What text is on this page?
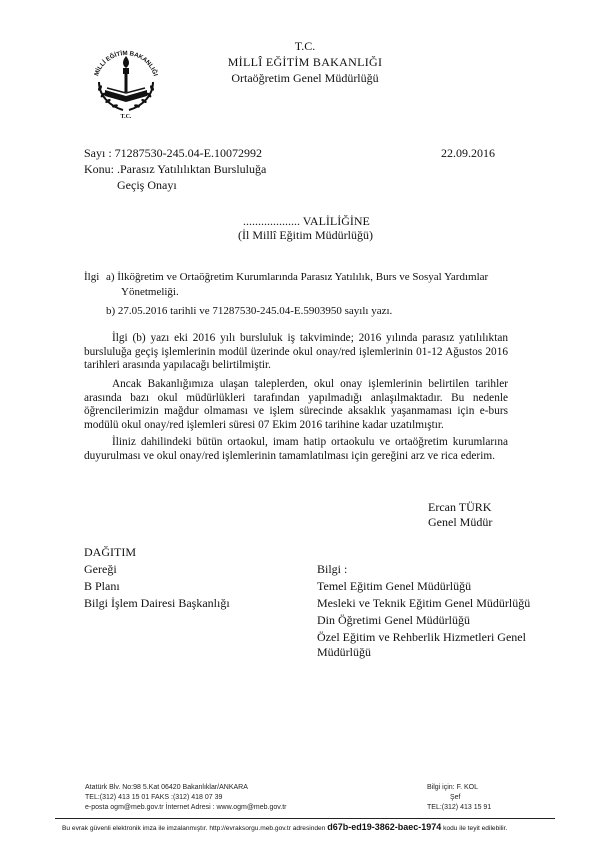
MİLLİ EĞİTİM BAKANLIĞI
T.C.
T.C.
MİLLÎ EĞİTİM BAKANLIĞI
Ortaöğretim Genel Müdürlüğü
Sayı : 71287530-245.04-E.10072992	22.09.2016
Konu: .Parasız Yatılılıktan Bursluluğa
Geçiş Onayı
................... VALİLİĞİNE
(İl Millî Eğitim Müdürlüğü)
İlgi a) İlköğretim ve Ortaöğretim Kurumlarında Parasız Yatılılık, Burs ve Sosyal Yardımlar
Yönetmeliği.
b) 27.05.2016 tarihli ve 71287530-245.04-E.5903950 sayılı yazı.
İlgi (b) yazı eki 2016 yılı bursluluk iş takviminde; 2016 yılında parasız yatılılıktan bursluluğa geçiş işlemlerinin modül üzerinde okul onay/red işlemlerinin 01-12 Ağustos 2016 tarihleri arasında yapılacağı belirtilmiştir.
Ancak Bakanlığımıza ulaşan taleplerden, okul onay işlemlerinin belirtilen tarihler arasında bazı okul müdürlükleri tarafından yapılmadığı anlaşılmaktadır. Bu nedenle öğrencilerimizin mağdur olmaması ve işlem sürecinde aksaklık yaşanmaması için e-burs modülü okul onay/red işlemleri süresi 07 Ekim 2016 tarihine kadar uzatılmıştır.
İliniz dahilindeki bütün ortaokul, imam hatip ortaokulu ve ortaöğretim kurumlarına duyurulması ve okul onay/red işlemlerinin tamamlatılması için gereğini arz ve rica ederim.
Ercan TÜRK
Genel Müdür
DAĞITIM
Gereği
B Planı
Bilgi İşlem Dairesi Başkanlığı
Bilgi :
Temel Eğitim Genel Müdürlüğü
Mesleki ve Teknik Eğitim Genel Müdürlüğü
Din Öğretimi Genel Müdürlüğü
Özel Eğitim ve Rehberlik Hizmetleri Genel
Müdürlüğü
Atatürk Blv. No:98 5.Kat 06420 Bakanlıklar/ANKARA
TEL:(312) 413 15 01 FAKS :(312) 418 07 39
e-posta ogm@meb.gov.tr İnternet Adresi : www.ogm@meb.gov.tr
Bilgi için: F. KOL
Şef
TEL:(312) 413 15 91
Bu evrak güvenli elektronik imza ile imzalanmıştır. http://evraksorgu.meb.gov.tr adresinden d67b-ed19-3862-baec-1974 kodu ile teyit edilebilir.
